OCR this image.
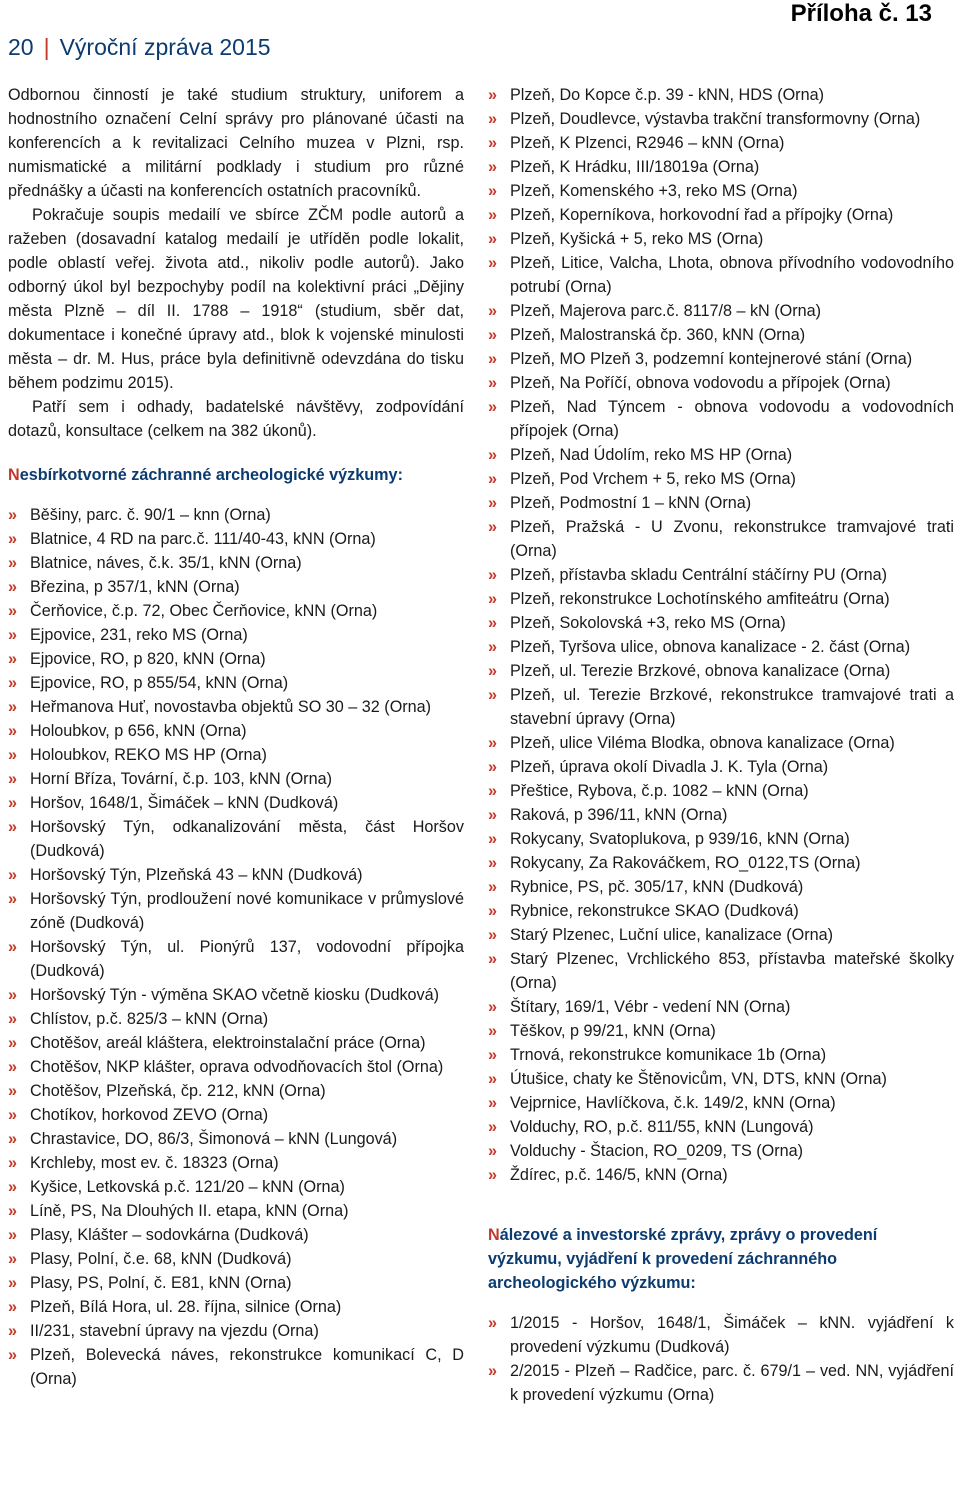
Příloha č. 13
20 | Výroční zpráva 2015

Odbornou činností je také studium struktury, uniforem a hodnostního označení Celní správy pro plánované účasti na konferencích a k revitalizaci Celního muzea v Plzni, rsp. numismatické a militární podklady i studium pro různé přednášky a účasti na konferencích ostatních pracovníků.

Pokračuje soupis medailí ve sbírce ZČM podle autorů a ražeben (dosavadní katalog medailí je utříděn podle lokalit, podle oblastí veřej. života atd., nikoliv podle autorů). Jako odborný úkol byl bezpochyby podíl na kolektivní práci „Dějiny města Plzně – díl II. 1788 – 1918“ (studium, sběr dat, dokumentace i konečné úpravy atd., blok k vojenské minulosti města – dr. M. Hus, práce byla definitivně odevzdána do tisku během podzimu 2015).

Patří sem i odhady, badatelské návštěvy, zodpovídání dotazů, konsultace (celkem na 382 úkonů).

Nesbírkotvorné záchranné archeologické výzkumy:
» Běšiny, parc. č. 90/1 – knn (Orna)
» Blatnice, 4 RD na parc.č. 111/40-43, kNN (Orna)
» Blatnice, náves, č.k. 35/1, kNN (Orna)
» Březina, p 357/1, kNN (Orna)
» Čerňovice, č.p. 72, Obec Čerňovice, kNN (Orna)
» Ejpovice, 231, reko MS (Orna)
» Ejpovice, RO, p 820, kNN (Orna)
» Ejpovice, RO, p 855/54, kNN (Orna)
» Heřmanova Huť, novostavba objektů SO 30 – 32 (Orna)
» Holoubkov, p 656, kNN (Orna)
» Holoubkov, REKO MS HP (Orna)
» Horní Bříza, Tovární, č.p. 103, kNN (Orna)
» Horšov, 1648/1, Šimáček – kNN (Dudková)
» Horšovský Týn, odkanalizování města, část Horšov (Dudková)
» Horšovský Týn, Plzeňská 43 – kNN (Dudková)
» Horšovský Týn, prodloužení nové komunikace v průmyslové zóně (Dudková)
» Horšovský Týn, ul. Pionýrů 137, vodovodní přípojka (Dudková)
» Horšovský Týn - výměna SKAO včetně kiosku (Dudková)
» Chlístov, p.č. 825/3 – kNN (Orna)
» Chotěšov, areál kláštera, elektroinstalační práce (Orna)
» Chotěšov, NKP klášter, oprava odvodňovacích štol (Orna)
» Chotěšov, Plzeňská, čp. 212, kNN (Orna)
» Chotíkov, horkovod ZEVO (Orna)
» Chrastavice, DO, 86/3, Šimonová – kNN (Lungová)
» Krchleby, most ev. č. 18323 (Orna)
» Kyšice, Letkovská p.č. 121/20 – kNN (Orna)
» Líně, PS, Na Dlouhých II. etapa, kNN (Orna)
» Plasy, Klášter – sodovkárna (Dudková)
» Plasy, Polní, č.e. 68, kNN (Dudková)
» Plasy, PS, Polní, č. E81, kNN (Orna)
» Plzeň, Bílá Hora, ul. 28. října, silnice (Orna)
» II/231, stavební úpravy na vjezdu (Orna)
» Plzeň, Bolevecká náves, rekonstrukce komunikací C, D (Orna)
» Plzeň, Do Kopce č.p. 39 - kNN, HDS (Orna)
» Plzeň, Doudlevce, výstavba trakční transformovny (Orna)
» Plzeň, K Plzenci, R2946 – kNN (Orna)
» Plzeň, K Hrádku, III/18019a (Orna)
» Plzeň, Komenského +3, reko MS (Orna)
» Plzeň, Koperníkova, horkovodní řad a přípojky (Orna)
» Plzeň, Kyšická + 5, reko MS (Orna)
» Plzeň, Litice, Valcha, Lhota, obnova přívodního vodovodního potrubí (Orna)
» Plzeň, Majerova parc.č. 8117/8 – kN (Orna)
» Plzeň, Malostranská čp. 360, kNN (Orna)
» Plzeň, MO Plzeň 3, podzemní kontejnerové stání (Orna)
» Plzeň, Na Poříčí, obnova vodovodu a přípojek (Orna)
» Plzeň, Nad Týncem - obnova vodovodu a vodovodních přípojek (Orna)
» Plzeň, Nad Údolím, reko MS HP (Orna)
» Plzeň, Pod Vrchem + 5, reko MS (Orna)
» Plzeň, Podmostní 1 – kNN (Orna)
» Plzeň, Pražská - U Zvonu, rekonstrukce tramvajové trati (Orna)
» Plzeň, přístavba skladu Centrální stáčírny PU (Orna)
» Plzeň, rekonstrukce Lochotínského amfiteátru (Orna)
» Plzeň, Sokolovská +3, reko MS (Orna)
» Plzeň, Tyršova ulice, obnova kanalizace - 2. část (Orna)
» Plzeň, ul. Terezie Brzkové, obnova kanalizace (Orna)
» Plzeň, ul. Terezie Brzkové, rekonstrukce tramvajové trati a stavební úpravy (Orna)
» Plzeň, ulice Viléma Blodka, obnova kanalizace (Orna)
» Plzeň, úprava okolí Divadla J. K. Tyla (Orna)
» Přeštice, Rybova, č.p. 1082 – kNN (Orna)
» Raková, p 396/11, kNN (Orna)
» Rokycany, Svatoplukova, p 939/16, kNN (Orna)
» Rokycany, Za Rakováčkem, RO_0122,TS (Orna)
» Rybnice, PS, pč. 305/17, kNN (Dudková)
» Rybnice, rekonstrukce SKAO (Dudková)
» Starý Plzenec, Luční ulice, kanalizace (Orna)
» Starý Plzenec, Vrchlického 853, přístavba mateřské školky (Orna)
» Štítary, 169/1, Vébr - vedení NN (Orna)
» Těškov, p 99/21, kNN (Orna)
» Trnová, rekonstrukce komunikace 1b (Orna)
» Útušice, chaty ke Štěnovicům, VN, DTS, kNN (Orna)
» Vejprnice, Havlíčkova, č.k. 149/2, kNN (Orna)
» Volduchy, RO, p.č. 811/55, kNN (Lungová)
» Volduchy - Štacion, RO_0209, TS (Orna)
» Ždírec, p.č. 146/5, kNN (Orna)
Nálezové a investorské zprávy, zprávy o provedení výzkumu, vyjádření k provedení záchranného archeologického výzkumu:
» 1/2015 - Horšov, 1648/1, Šimáček – kNN. vyjádření k provedení výzkumu (Dudková)
» 2/2015 - Plzeň – Radčice, parc. č. 679/1 – ved. NN, vyjádření k provedení výzkumu (Orna)
